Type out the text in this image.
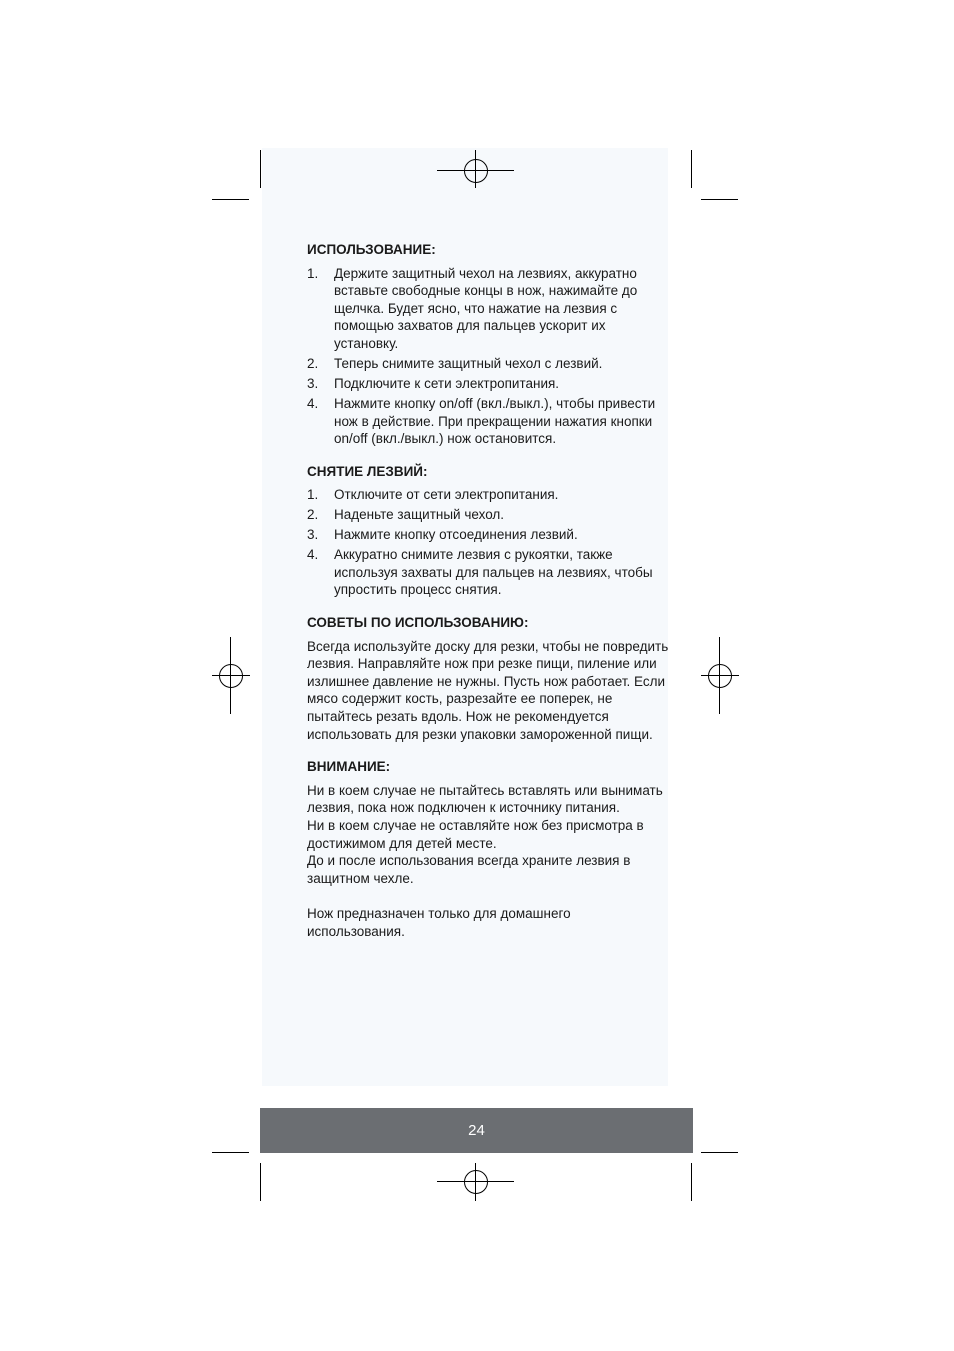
ИСПОЛЬЗОВАНИЕ:
1. Держите защитный чехол на лезвиях, аккуратно вставьте свободные концы в нож, нажимайте до щелчка. Будет ясно, что нажатие на лезвия с помощью захватов для пальцев ускорит их установку.
2. Теперь снимите защитный чехол с лезвий.
3. Подключите к сети электропитания.
4. Нажмите кнопку on/off (вкл./выкл.), чтобы привести нож в действие. При прекращении нажатия кнопки on/off (вкл./выкл.) нож остановится.
СНЯТИЕ ЛЕЗВИЙ:
1. Отключите от сети электропитания.
2. Наденьте защитный чехол.
3. Нажмите кнопку отсоединения лезвий.
4. Аккуратно снимите лезвия с рукоятки, также используя захваты для пальцев на лезвиях, чтобы упростить процесс снятия.
СОВЕТЫ ПО ИСПОЛЬЗОВАНИЮ:

Всегда используйте доску для резки, чтобы не повредить лезвия. Направляйте нож при резке пищи, пиление или излишнее давление не нужны. Пусть нож работает. Если мясо содержит кость, разрезайте ее поперек, не пытайтесь резать вдоль. Нож не рекомендуется использовать для резки упаковки замороженной пищи.

ВНИМАНИЕ:

Ни в коем случае не пытайтесь вставлять или вынимать лезвия, пока нож подключен к источнику питания.

Ни в коем случае не оставляйте нож без присмотра в достижимом для детей месте.

До и после использования всегда храните лезвия в защитном чехле.

Нож предназначен только для домашнего использования.

24
